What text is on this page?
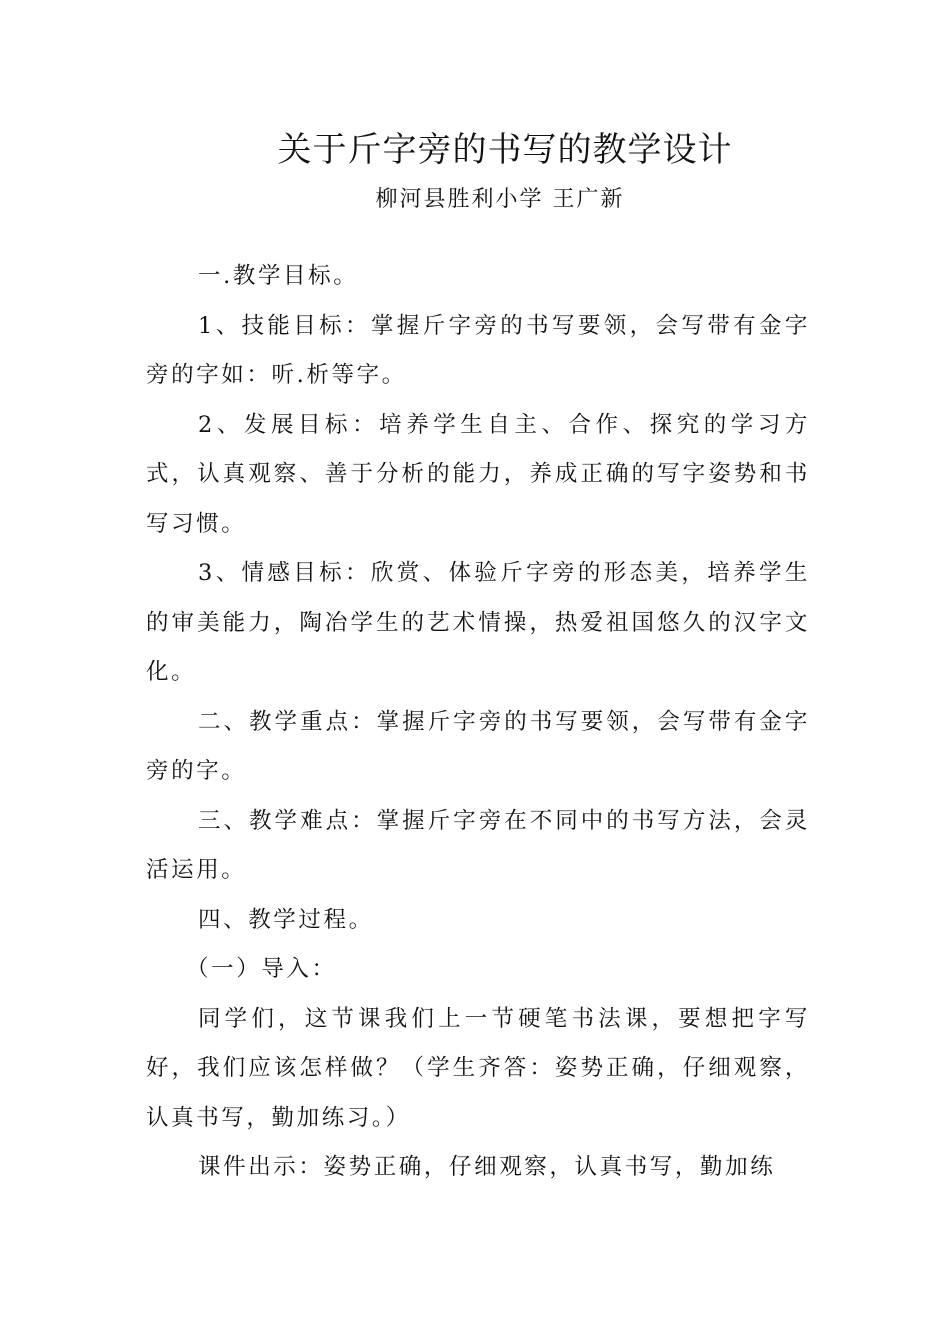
关于斤字旁的书写的教学设计
柳河县胜利小学 王广新

一.教学目标。

1、技能目标：掌握斤字旁的书写要领，会写带有金字旁的字如：听.析等字。

2、发展目标：培养学生自主、合作、探究的学习方式，认真观察、善于分析的能力，养成正确的写字姿势和书写习惯。

3、情感目标：欣赏、体验斤字旁的形态美，培养学生的审美能力，陶冶学生的艺术情操，热爱祖国悠久的汉字文化。

二、教学重点：掌握斤字旁的书写要领，会写带有金字旁的字。

三、教学难点：掌握斤字旁在不同中的书写方法，会灵活运用。

四、教学过程。

（一）导入：

同学们，这节课我们上一节硬笔书法课，要想把字写好，我们应该怎样做？（学生齐答：姿势正确，仔细观察，认真书写，勤加练习。）

课件出示：姿势正确，仔细观察，认真书写，勤加练
